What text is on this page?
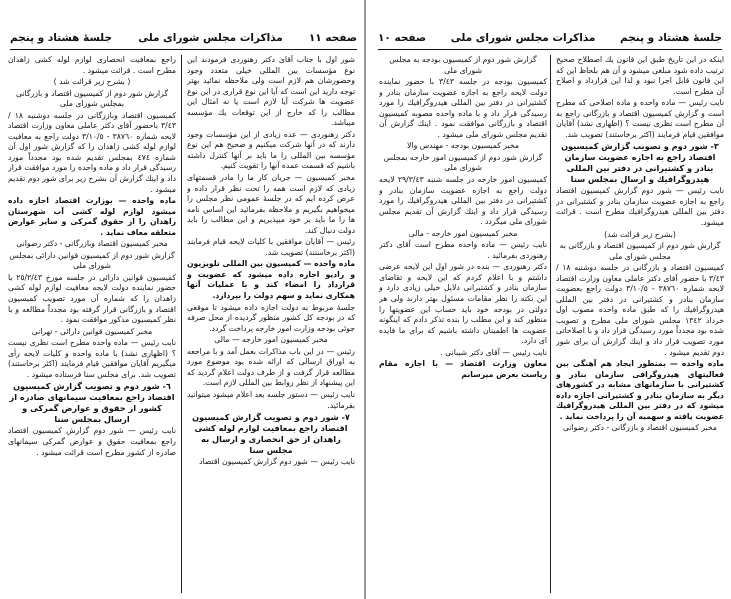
صفحه ١١
مذاكرات مجلس شوراى ملى
جلسهٔ هشتاد و پنجم

شور اول با جناب آقاى دكتر رهنوردى فرمودند اين نوع مؤسسات بين المللى خيلى متعدد وجود وحضورشان هم لازم است ولى ملاحظه نمائيد بهتر توجه داريد اين است كه آيا اين نوع قرارى در اين نوع عضويت ها شركت آيا لازم است يا نه امثال اين مطالب را كه خارج از اين توقعات يك مؤسسه ميباشد.

دكتر رهنوردى — عده زيادى از اين مؤسسات وجود دارند كه در آنها شركت ميكنيم و صحيح هم اين نوع مؤسسه بين المللى را ما بايد بر آنها كنترل داشته باشيم كه قسمت عمده آنها را تقويت كنيم.

مخبر كميسيون — جريان كار ما را مادر قسمتهاى زيادى كه لازم است همه را تحت نظر قرار داده و عرض كرده ايم كه در جلسهٔ عمومى نظر مجلس را ميخواهيم بگيريم و ملاحظه بفرمائيد اين اساس نامه ها را ما بايد بر خود ميپذيريم و اين مطالب را بايد دولت دنبال كند.

رئيس — آقايان موافقين با كليات لايحه قيام فرمايند (اكثر برخاستند) تصويب شد.

ماده واحده — كميسيون بين المللى تلويزيون و راديو اجازه داده ميشود كه عضويت و قرارداد را امضاء كند و با عمليات آنها همكارى نمايد و سهم دولت را بپردازد.

جلسهٔ مربوط به دولت اجازه داده ميشود تا موقعى كه در بودجه كل كشور منظور گرديده از محل صرفه جوئى بودجه وزارت امور خارجه پرداخت گردد.

مخبر كميسيون امور خارجه — مالى

رئيس — در اين باب مذاكرات بعمل آمد و با مراجعه به اوراق ارسالى كه ارائه شده بود موضوع مورد مطالعه قرار گرفت و از طرف دولت اعلام گرديد كه اين پيشنهاد از نظر روابط بين المللى لازم است.

نايب رئيس — دستور جلسه بعد اعلام ميشود ميتوانيد بفرمائيد.

٧- شور دوم و تصويب گزارش كميسيون اقتصاد راجع بمعافيت لوازم لوله كشى زاهدان از حق انحصارى و ارسال به مجلس سنا

نايب رئيس — شور دوم گزارش كميسيون اقتصاد

راجع بمعافيت انحصارى لوازم لوله كشى زاهدان مطرح است . قرائت ميشود .

( بشرح زير قرائت شد )

گزارش شور دوم از كميسيون اقتصاد و بازرگانى بمجلس شوراى ملى

كميسيون اقتصاد وبازرگانى در جلسه دوشنبه ١٨ /٣/٤٣ باحضور آقاى دكتر عاملى معاون وزارت اقتصاد لايحه شماره ٣٨٧٦٠ - ٣/١٠/٥ دولت راجع به معافيت لوازم لوله كشى زاهدان را كه گزارش شور اول آن شماره ٤٧٤ بمجلس تقديم شده بود مجدداً مورد رسيدگى قرار داد و ماده واحده را مورد موافقت قرار داد و اينك گزارش آن بشرح زير براى شور دوم تقديم ميشود .

ماده واحده — بوزارت اقتصاد اجازه داده ميشود لوازم لوله كشى آب شهرستان زاهدان را از حقوق گمركى و ساير عوارض متعلقه معاف نمايد .

مخبر كميسيون اقتصاد وبازرگانى - دكتر رضوانى

گزارش شور دوم از كميسيون قوانين دارائى بمجلس شوراى ملى

كميسيون قوانين دارائى در جلسه مورخ ٢٥/٢/٤٣ با حضور نماينده دولت لايحه معافيت لوازم لوله كشى زاهدان را كه شماره آن مورد تصويب كميسيون اقتصاد و بازرگانى قرار گرفته بود مجدداً مطالعه و با نظر كميسيون مذكور موافقت نمود .

مخبر كميسيون قوانين دارائى - تهرانى

نايب رئيس — ماده واحده مطرح است نظرى نيست ؟ (اظهارى نشد) با ماده واحده و كليات لايحه رأى ميگيريم آقايان موافقين قيام فرمايند (اكثر برخاستند) تصويب شد. براى مجلس سنا فرستاده ميشود .

٦- شور دوم و تصويب گزارش كميسيون اقتصاد راجع بمعافيت سيمانهاى صادره از كشور از حقوق و عوارض گمركى و ارسال بمجلس سنا

نايب رئيس — شور دوم گزارش كميسيون اقتصاد راجع بمعافيت حقوق و عوارض گمركى سيمانهاى صادره از كشور مطرح است قرائت ميشود .

جلسهٔ هشتاد و پنجم
مذاكرات مجلس شوراى ملى
صفحه ١٠

اينكه در اين تاريخ طبق اين قانون يك اصطلاح صحيح ترتيب داده شود مبلغى ميشود و آن هم بلحاظ اين كه اين قانون قابل اجرا نبود و لذا اين قرارداد و اصلاح آن مطرح است.

نايب رئيس — ماده واحده و ماده اصلاحى كه مطرح است و گزارش كميسيون اقتصاد و بازرگانى راجع به آن مطرح است نظرى نيست ؟ (اظهارى نشد) آقايان موافقين قيام فرمايند (اكثر برخاستند) تصويب شد.

٣- شور دوم و تصويب گزارش كميسيون اقتصاد راجع به اجازه عضويت سازمان بنادر و كشتيرانى در دفتر بين المللى هيدروگرافيك و ارسال بمجلس سنا

نايب رئيس — شور دوم گزارش كميسيون اقتصاد راجع به اجازه عضويت سازمان بنادر و كشتيرانى در دفتر بين المللى هيدروگرافيك مطرح است . قرائت ميشود.

(بشرح زير قرائت شد)

گزارش شور دوم از كميسيون اقتصاد و بازرگانى به مجلس شوراى ملى

كميسيون اقتصاد و بازرگانى در جلسه دوشنبه ١٨ /٣/٤٣ با حضور آقاى دكتر عاملى معاون وزارت اقتصاد لايحه شماره ٣٨٧٦٠ - ٣/١٠/٥ دولت راجع بعضويت سازمان بنادر و كشتيرانى در دفتر بين المللى هيدروگرافيك را كه طبق ماده واحده مصوب اول خرداد ١٣٤٢ مجلس شوراى ملى مطرح و تصويب شده بود مجدداً مورد رسيدگى قرار داد و با اصلاحاتى مورد تصويب قرار داد و اينك گزارش آن براى شور دوم تقديم ميشود .

ماده واحده — بمنظور ايجاد هم آهنگى بين فعاليتهاى هيدروگرافى سازمان بنادر و كشتيرانى با سازمانهاى مشابه در كشورهاى ديگر به سازمان بنادر و كشتيرانى اجازه داده ميشود كه در دفتر بين المللى هيدروگرافيك عضويت يافته و سهميه آن را پرداخت نمايد .

مخبر كميسيون اقتصاد و بازرگانى - دكتر رضوانى

گزارش شور دوم از كميسيون بودجه به مجلس شوراى ملى

كميسيون بودجه در جلسه ٣/٤٣ با حضور نماينده دولت لايحه راجع به اجازه عضويت سازمان بنادر و كشتيرانى در دفتر بين المللى هيدروگرافيك را مورد رسيدگى قرار داد و با ماده واحده مصوبه كميسيون اقتصاد و بازرگانى موافقت نمود . اينك گزارش آن تقديم مجلس شوراى ملى ميشود .

مخبر كميسيون بودجه - مهندس والا

گزارش شور دوم از كميسيون امور خارجه بمجلس شوراى ملى

كميسيون امور خارجه در جلسه شنبه ٢٩/٣/٤٣ لايحه دولت راجع به اجازه عضويت سازمان بنادر و كشتيرانى در دفتر بين المللى هيدروگرافيك را مورد رسيدگى قرار داد و اينك گزارش آن تقديم مجلس شوراى ملى ميگردد .

مخبر كميسيون امور خارجه - مالى

نايب رئيس — ماده واحده مطرح است آقاى دكتر رهنوردى بفرمائيد .

دكتر رهنوردى — بنده در شور اول اين لايحه عرضى داشتم و با اعلام كردم كه اين لايحه و تقاضاى سازمان بنادر و كشتيرانى دلايل خيلى زيادى دارد و اين نكته را نظر مقامات مسئول بهتر دارند ولى هر دولتى در بودجه خود بايد حساب اين عضويتها را منظور كند و اين مطلب را بنده تذكر دادم كه اينگونه عضويت ها اطمينان داشته باشيم كه براى ما فايده اى دارد.

نايب رئيس — آقاى دكتر شيبانى .

معاون وزارت اقتصاد — با اجازه مقام رياست بعرض ميرسانم
